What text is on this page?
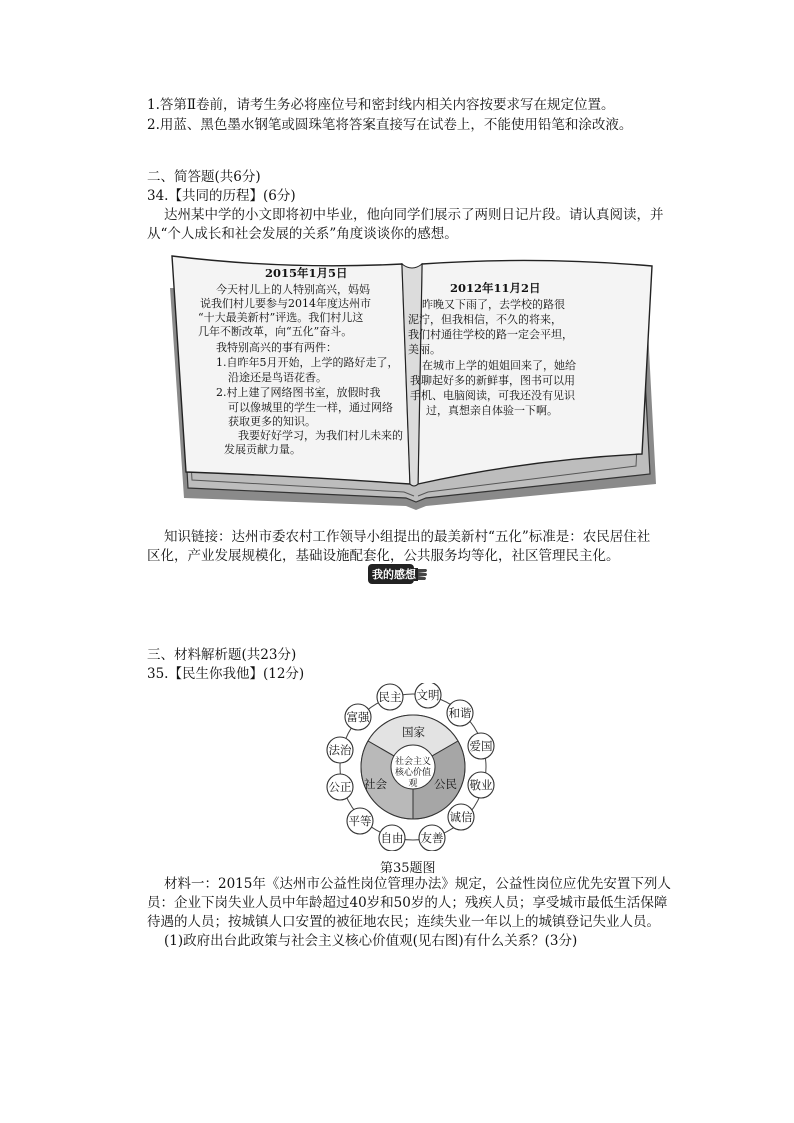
1.答第Ⅱ卷前，请考生务必将座位号和密封线内相关内容按要求写在规定位置。
2.用蓝、黑色墨水钢笔或圆珠笔将答案直接写在试卷上，不能使用铅笔和涂改液。
二、简答题(共6分)
34.【共同的历程】(6分)
达州某中学的小文即将初中毕业，他向同学们展示了两则日记片段。请认真阅读，并
从“个人成长和社会发展的关系”角度谈谈你的感想。
2015年1月5日
今天村儿上的人特别高兴，妈妈
说我们村儿要参与2014年度达州市
“十大最美新村”评选。我们村儿这
几年不断改革，向“五化”奋斗。
我特别高兴的事有两件：
1.自昨年5月开始，上学的路好走了，
沿途还是鸟语花香。
2.村上建了网络图书室，放假时我
可以像城里的学生一样，通过网络
获取更多的知识。
我要好好学习，为我们村儿未来的
发展贡献力量。
2012年11月2日
昨晚又下雨了，去学校的路很
泥泞，但我相信，不久的将来，
我们村通往学校的路一定会平坦，
美丽。
在城市上学的姐姐回来了，她给
我聊起好多的新鲜事，图书可以用
手机、电脑阅读，可我还没有见识
过，真想亲自体验一下啊。
知识链接：达州市委农村工作领导小组提出的最美新村“五化”标准是：农民居住社
区化，产业发展规模化，基础设施配套化，公共服务均等化，社区管理民主化。
我的感想
三、材料解析题(共23分)
35.【民生你我他】(12分)
国家
社会	公民
社会主义
核心价值观
民主	文明
和谐
爱国
敬业
诚信
友善
自由
平等
公正
法治
富强
第35题图
材料一：2015年《达州市公益性岗位管理办法》规定，公益性岗位应优先安置下列人
员：企业下岗失业人员中年龄超过40岁和50岁的人；残疾人员；享受城市最低生活保障
待遇的人员；按城镇人口安置的被征地农民；连续失业一年以上的城镇登记失业人员。
(1)政府出台此政策与社会主义核心价值观(见右图)有什么关系？(3分)
